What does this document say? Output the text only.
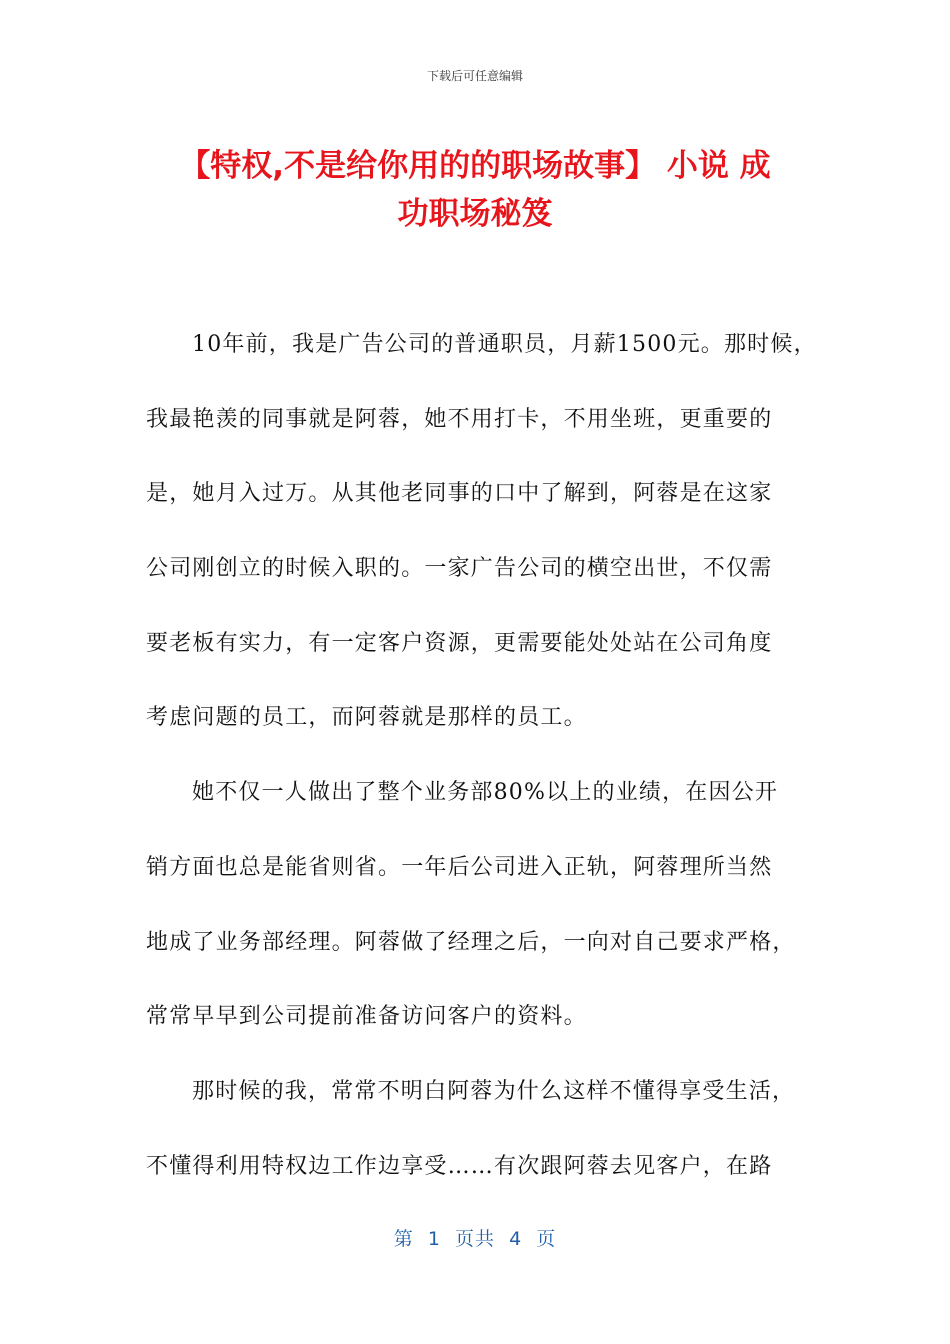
下载后可任意编辑
【特权,不是给你用的的职场故事】 小说 成
功职场秘笈

10年前，我是广告公司的普通职员，月薪1500元。那时候，
我最艳羡的同事就是阿蓉，她不用打卡，不用坐班，更重要的
是，她月入过万。从其他老同事的口中了解到，阿蓉是在这家
公司刚创立的时候入职的。一家广告公司的横空出世，不仅需
要老板有实力，有一定客户资源，更需要能处处站在公司角度
考虑问题的员工，而阿蓉就是那样的员工。

她不仅一人做出了整个业务部80%以上的业绩，在因公开
销方面也总是能省则省。一年后公司进入正轨，阿蓉理所当然
地成了业务部经理。阿蓉做了经理之后，一向对自己要求严格，
常常早早到公司提前准备访问客户的资料。

那时候的我，常常不明白阿蓉为什么这样不懂得享受生活，
不懂得利用特权边工作边享受……有次跟阿蓉去见客户，在路

第  1  页共  4  页
